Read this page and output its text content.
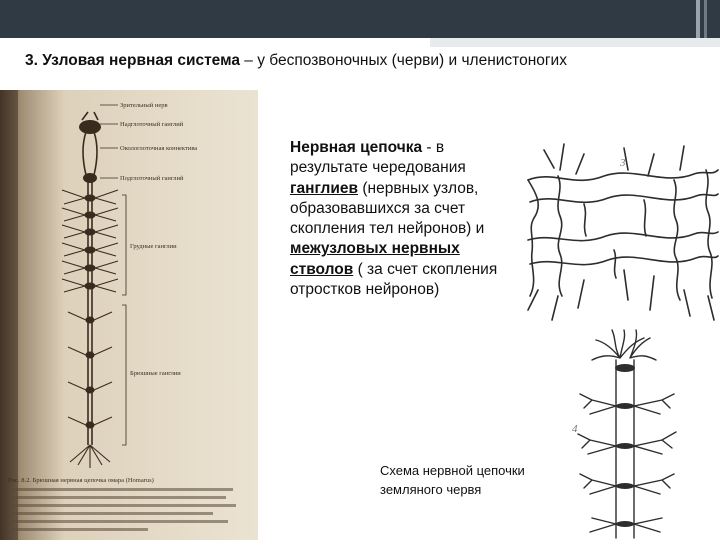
3. Узловая нервная система – у беспозвоночных (черви) и членистоногих
Зрительный нерв
Надглоточный ганглий
Окологлоточная коннектива
Подглоточный ганглий
Грудные ганглии
Брюшные ганглии
Рис. 8.2. Брюшная нервная цепочка омара (Homarus)
Нервная цепочка - в результате чередования ганглиев (нервных узлов, образовавшихся за счет скопления тел нейронов) и межузловых нервных стволов ( за счет скопления отростков нейронов)
3
4
Схема нервной цепочки земляного червя
